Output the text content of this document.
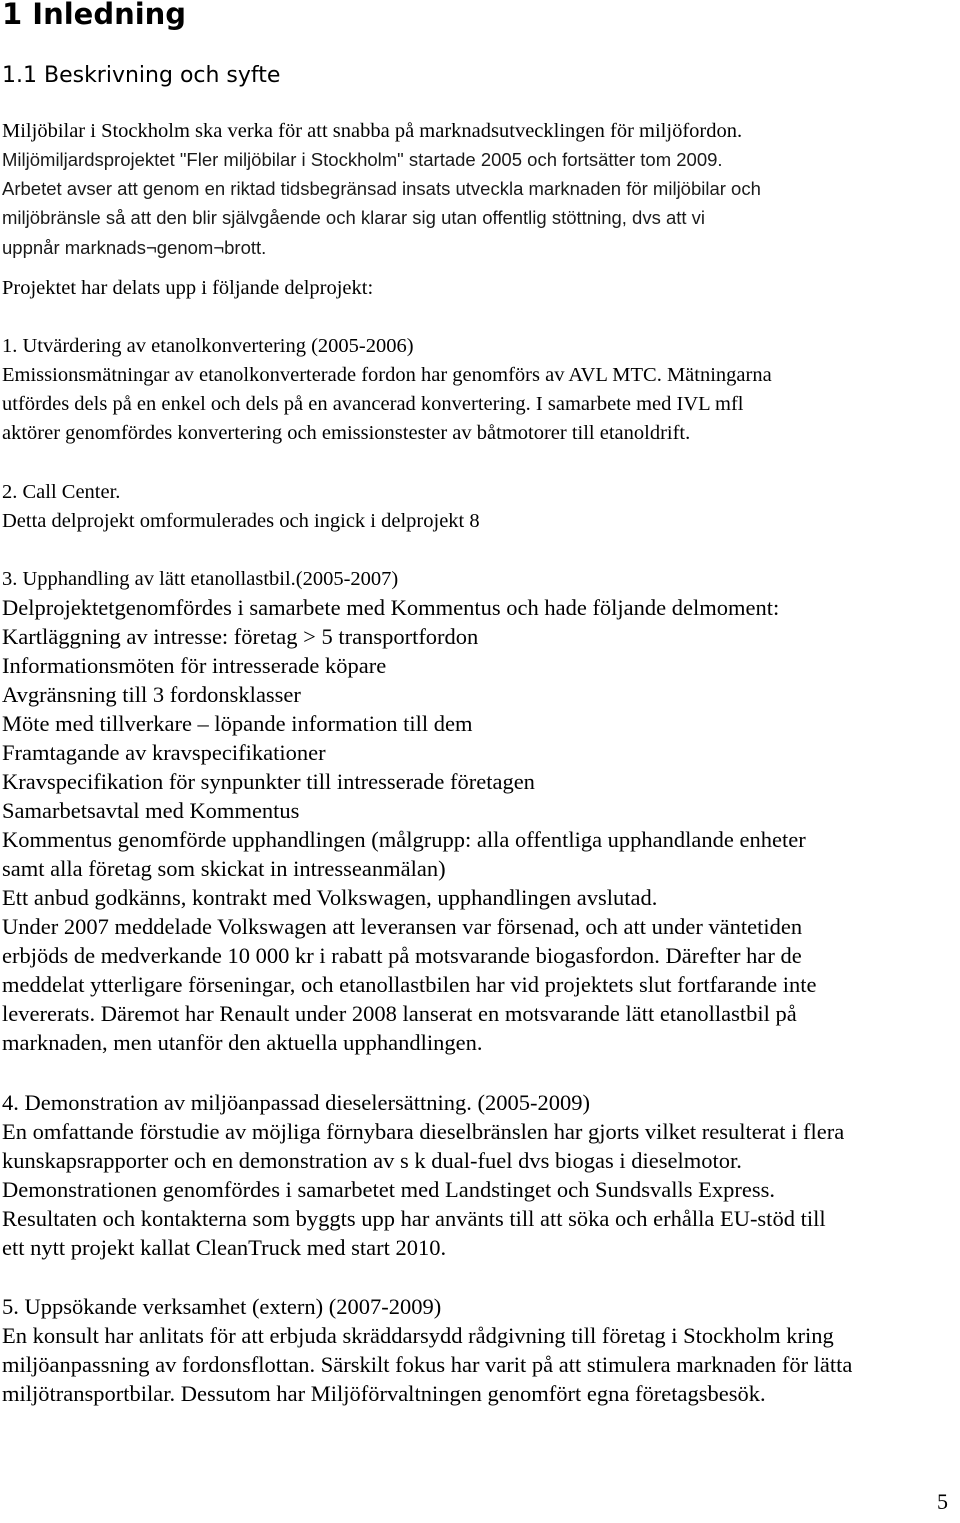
1 Inledning
1.1 Beskrivning och syfte

Miljöbilar i Stockholm ska verka för att snabba på marknadsutvecklingen för miljöfordon.

Miljömiljardsprojektet "Fler miljöbilar i Stockholm" startade 2005 och fortsätter tom 2009.

Arbetet avser att genom en riktad tidsbegränsad insats utveckla marknaden för miljöbilar och

miljöbränsle så att den blir självgående och klarar sig utan offentlig stöttning, dvs att vi

uppnår marknads¬genom¬brott.

Projektet har delats upp i följande delprojekt:

1. Utvärdering av etanolkonvertering (2005-2006)

Emissionsmätningar av etanolkonverterade fordon har genomförs av AVL MTC. Mätningarna

utfördes dels på en enkel och dels på en avancerad konvertering. I samarbete med IVL mfl

aktörer genomfördes konvertering och emissionstester av båtmotorer till etanoldrift.

2. Call Center.

Detta delprojekt omformulerades och ingick i delprojekt 8

3. Upphandling av lätt etanollastbil.(2005-2007)

Delprojektetgenomfördes i samarbete med Kommentus och hade följande delmoment:

Kartläggning av intresse: företag > 5 transportfordon

Informationsmöten för intresserade köpare

Avgränsning till 3 fordonsklasser

Möte med tillverkare – löpande information till dem

Framtagande av kravspecifikationer

Kravspecifikation för synpunkter till intresserade företagen

Samarbetsavtal med Kommentus

Kommentus genomförde upphandlingen (målgrupp: alla offentliga upphandlande enheter

samt alla företag som skickat in intresseanmälan)

Ett anbud godkänns, kontrakt med Volkswagen, upphandlingen avslutad.

Under 2007 meddelade Volkswagen att leveransen var försenad, och att under väntetiden

erbjöds de medverkande 10 000 kr i rabatt på motsvarande biogasfordon. Därefter har de

meddelat ytterligare förseningar, och etanollastbilen har vid projektets slut fortfarande inte

levererats. Däremot har Renault under 2008 lanserat en motsvarande lätt etanollastbil på

marknaden, men utanför den aktuella upphandlingen.

4. Demonstration av miljöanpassad dieselersättning. (2005-2009)

En omfattande förstudie av möjliga förnybara dieselbränslen har gjorts vilket resulterat i flera

kunskapsrapporter och en demonstration av s k dual-fuel dvs biogas i dieselmotor.

Demonstrationen genomfördes i samarbetet med Landstinget och Sundsvalls Express.

Resultaten och kontakterna som byggts upp har använts till att söka och erhålla EU-stöd till

ett nytt projekt kallat CleanTruck med start 2010.

5. Uppsökande verksamhet (extern) (2007-2009)

En konsult har anlitats för att erbjuda skräddarsydd rådgivning till företag i Stockholm kring

miljöanpassning av fordonsflottan. Särskilt fokus har varit på att stimulera marknaden för lätta

miljötransportbilar. Dessutom har Miljöförvaltningen genomfört egna företagsbesök.

5
